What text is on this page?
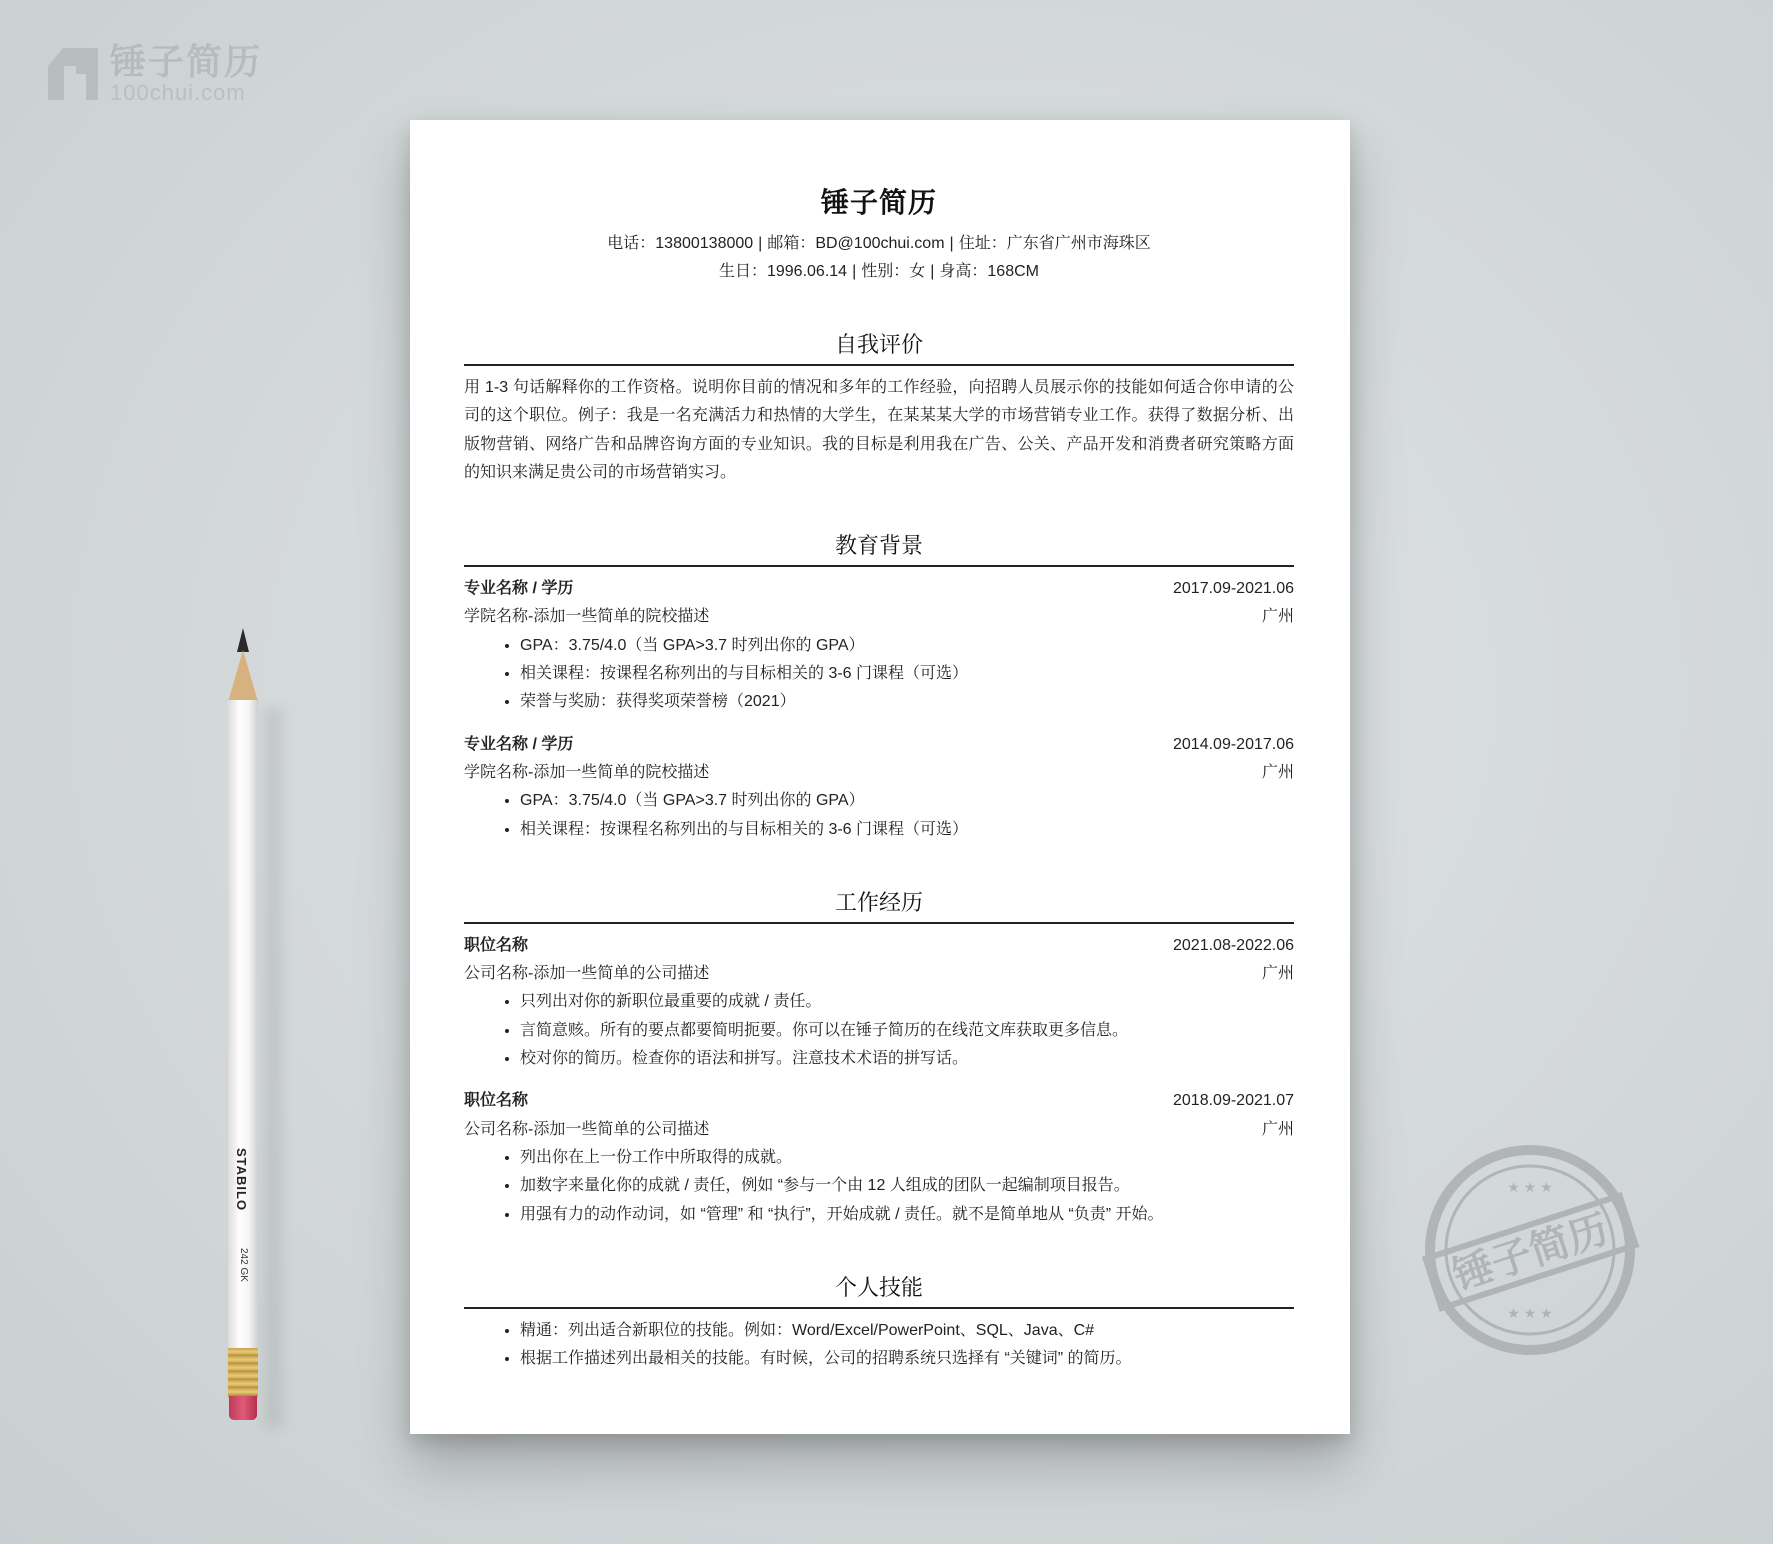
锤子简历
100chui.com
STABILO
242 GK	锤子简历
★ ★ ★
★ ★ ★
锤子简历
电话：13800138000 | 邮箱：BD@100chui.com | 住址：广东省广州市海珠区
生日：1996.06.14 | 性别：女 | 身高：168CM
自我评价
用 1-3 句话解释你的工作资格。说明你目前的情况和多年的工作经验，向招聘人员展示你的技能如何适合你申请的公司的这个职位。例子：我是一名充满活力和热情的大学生，在某某某大学的市场营销专业工作。获得了数据分析、出版物营销、网络广告和品牌咨询方面的专业知识。我的目标是利用我在广告、公关、产品开发和消费者研究策略方面的知识来满足贵公司的市场营销实习。
教育背景
专业名称 / 学历	2017.09-2021.06
学院名称-添加一些简单的院校描述	广州
• GPA：3.75/4.0（当 GPA>3.7 时列出你的 GPA）
• 相关课程：按课程名称列出的与目标相关的 3-6 门课程（可选）
• 荣誉与奖励：获得奖项荣誉榜（2021）
专业名称 / 学历	2014.09-2017.06
学院名称-添加一些简单的院校描述	广州
• GPA：3.75/4.0（当 GPA>3.7 时列出你的 GPA）
• 相关课程：按课程名称列出的与目标相关的 3-6 门课程（可选）
工作经历
职位名称	2021.08-2022.06
公司名称-添加一些简单的公司描述	广州
• 只列出对你的新职位最重要的成就 / 责任。
• 言简意赅。所有的要点都要简明扼要。你可以在锤子简历的在线范文库获取更多信息。
• 校对你的简历。检查你的语法和拼写。注意技术术语的拼写话。
职位名称	2018.09-2021.07
公司名称-添加一些简单的公司描述	广州
• 列出你在上一份工作中所取得的成就。
• 加数字来量化你的成就 / 责任，例如 “参与一个由 12 人组成的团队一起编制项目报告。
• 用强有力的动作动词，如 “管理” 和 “执行”，开始成就 / 责任。就不是简单地从 “负责” 开始。
个人技能
• 精通：列出适合新职位的技能。例如：Word/Excel/PowerPoint、SQL、Java、C#
• 根据工作描述列出最相关的技能。有时候，公司的招聘系统只选择有 “关键词” 的简历。
